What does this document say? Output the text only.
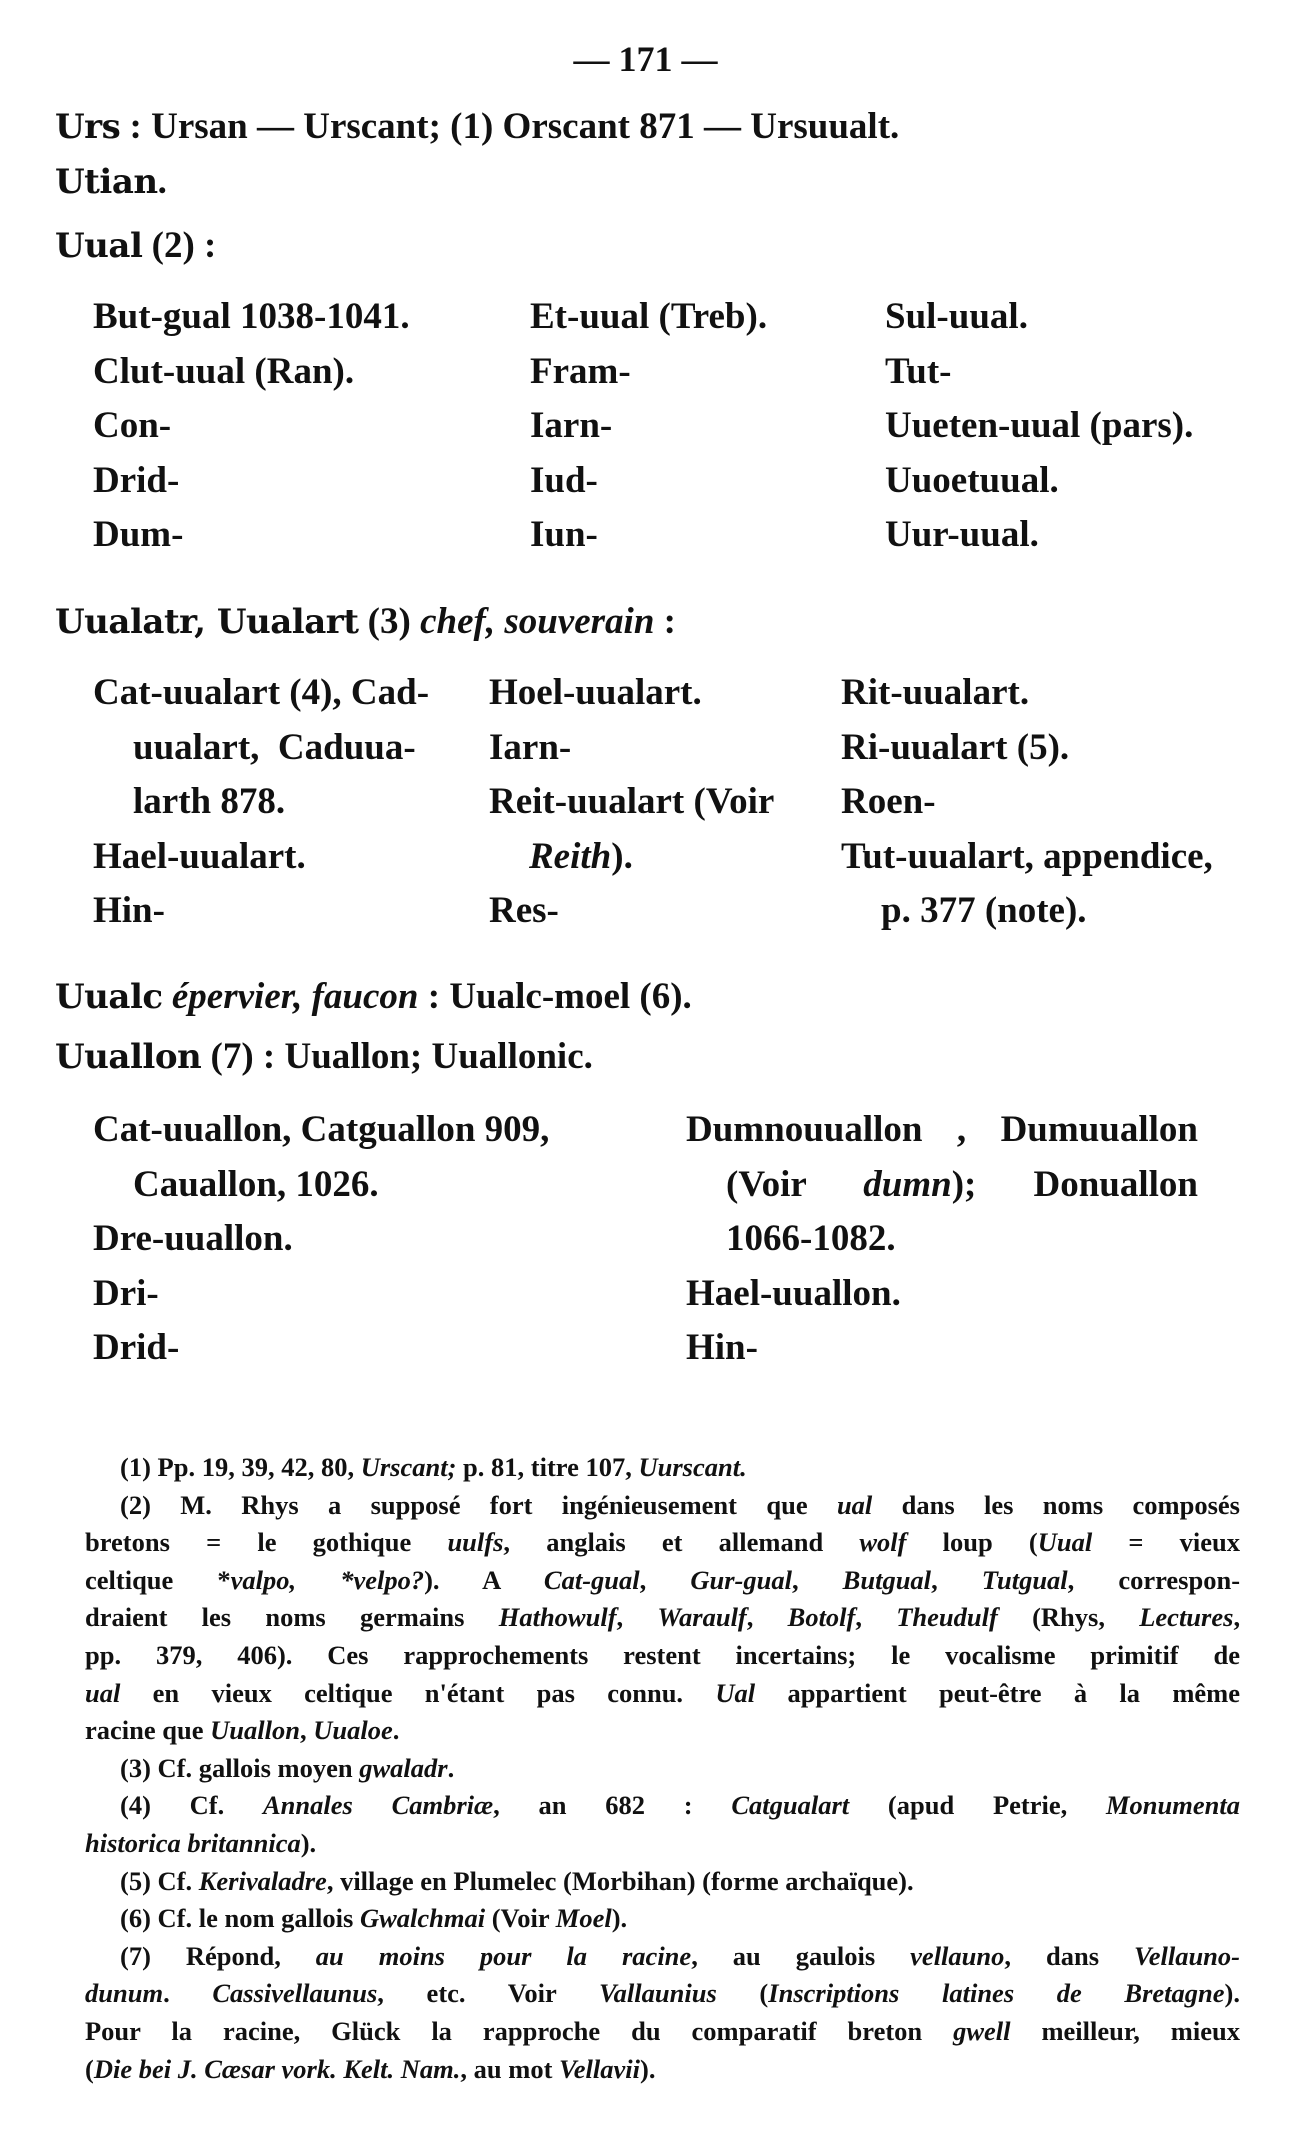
— 171 —
Urs : Ursan — Urscant; (1) Orscant 871 — Ursuualt.
Utian.
Uual (2) :
But-gual 1038-1041.
Clut-uual (Ran).
Con-
Drid-
Dum-
Et-uual (Treb).
Fram-
Iarn-
Iud-
Iun-
Sul-uual.
Tut-
Uueten-uual (pars).
Uuoetuual.
Uur-uual.
Uualatr, Uualart (3) chef, souverain :
Cat-uualart (4), Cad-
uualart,  Caduua-
larth 878.
Hael-uualart.
Hin-
Hoel-uualart.
Iarn-
Reit-uualart (Voir
Reith).
Res-
Rit-uualart.
Ri-uualart (5).
Roen-
Tut-uualart, appendice,
p. 377 (note).
Uualc épervier, faucon : Uualc-moel (6).
Uuallon (7) : Uuallon; Uuallonic.
Cat-uuallon, Catguallon 909,
Cauallon, 1026.
Dre-uuallon.
Dri-
Drid-
Dumnouuallon , Dumuuallon
(Voir dumn); Donuallon
1066-1082.
Hael-uuallon.
Hin-
(1) Pp. 19, 39, 42, 80, Urscant; p. 81, titre 107, Uurscant.
(2) M. Rhys a supposé fort ingénieusement que ual dans les noms composés
bretons = le gothique uulfs, anglais et allemand wolf loup (Uual = vieux
celtique *valpo, *velpo?). A Cat-gual, Gur-gual, Butgual, Tutgual, correspon-
draient les noms germains Hathowulf, Waraulf, Botolf, Theudulf (Rhys, Lectures,
pp. 379, 406). Ces rapprochements restent incertains; le vocalisme primitif de
ual en vieux celtique n'étant pas connu. Ual appartient peut-être à la même
racine que Uuallon, Uualoe.
(3) Cf. gallois moyen gwaladr.
(4) Cf. Annales Cambriæ, an 682 : Catgualart (apud Petrie, Monumenta
historica britannica).
(5) Cf. Kerivaladre, village en Plumelec (Morbihan) (forme archaïque).
(6) Cf. le nom gallois Gwalchmai (Voir Moel).
(7) Répond, au moins pour la racine, au gaulois vellauno, dans Vellauno-
dunum. Cassivellaunus, etc. Voir Vallaunius (Inscriptions latines de Bretagne).
Pour la racine, Glück la rapproche du comparatif breton gwell meilleur, mieux
(Die bei J. Cæsar vork. Kelt. Nam., au mot Vellavii).
